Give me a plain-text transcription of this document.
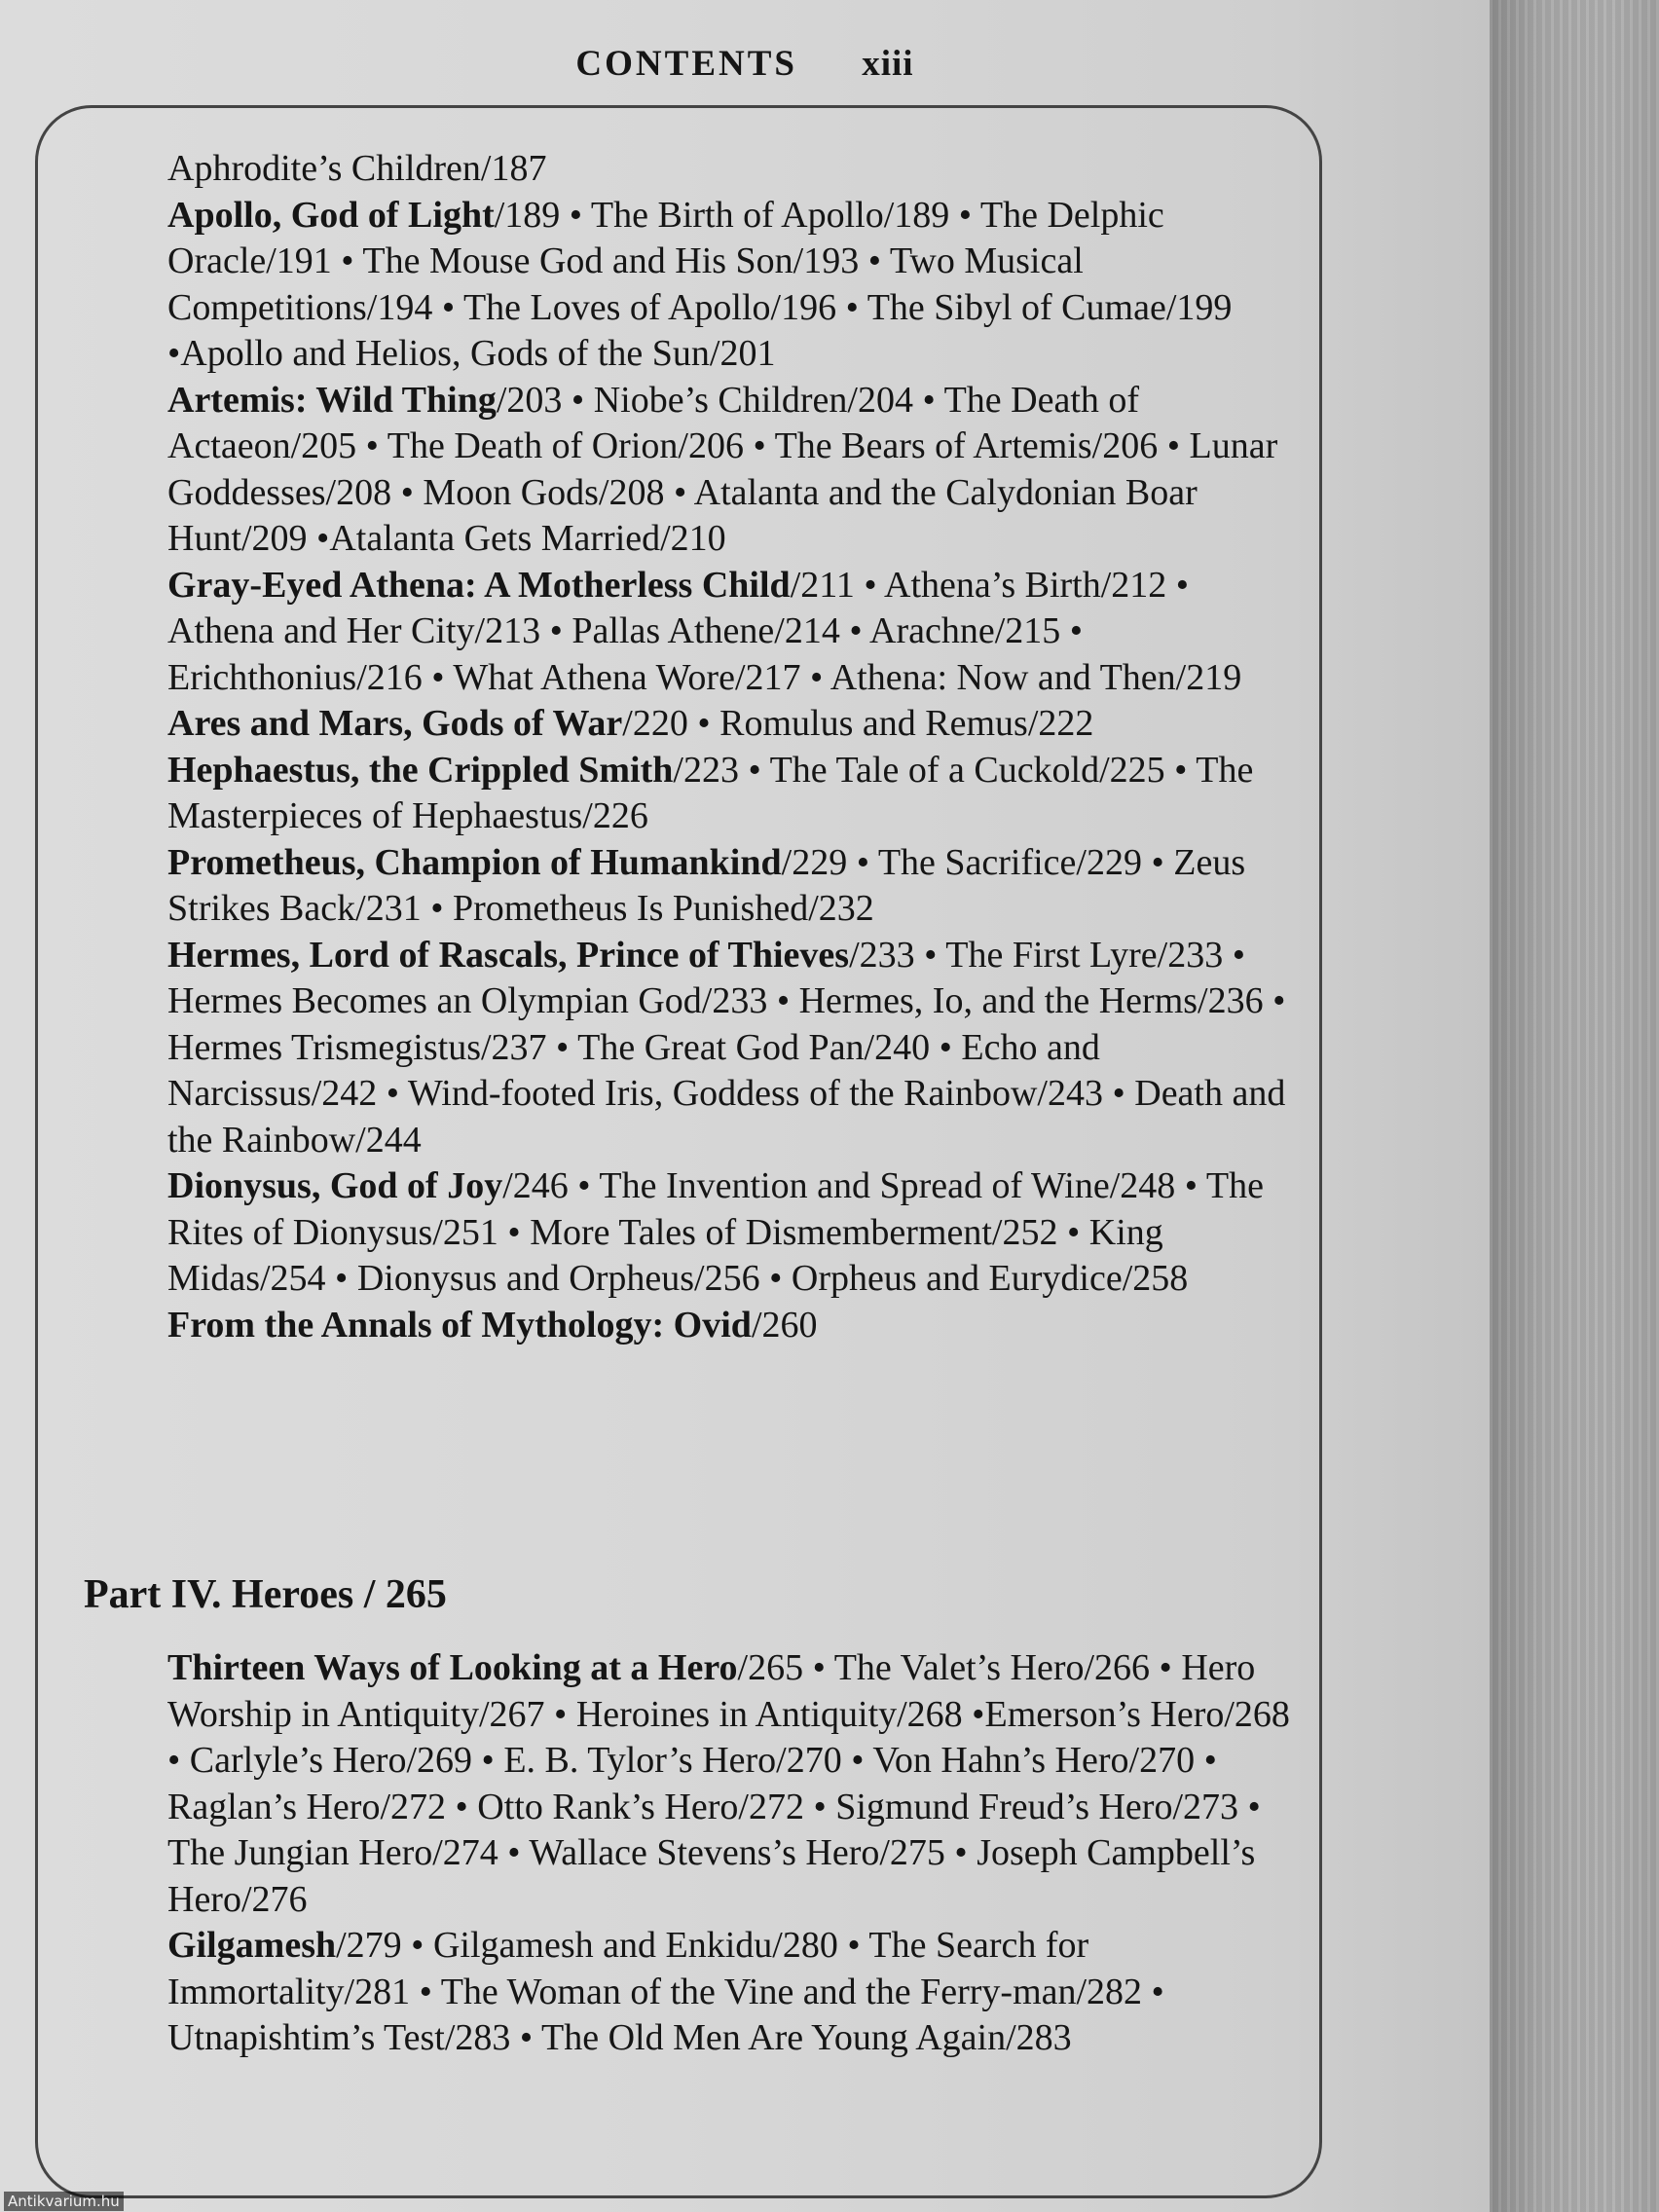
CONTENTS xiii

Aphrodite’s Children/187

Apollo, God of Light/189 • The Birth of Apollo/189 • The Delphic Oracle/191 • The Mouse God and His Son/193 • Two Musical Competitions/194 • The Loves of Apollo/196 • The Sibyl of Cumae/199 •Apollo and Helios, Gods of the Sun/201

Artemis: Wild Thing/203 • Niobe’s Children/204 • The Death of Actaeon/205 • The Death of Orion/206 • The Bears of Artemis/206 • Lunar Goddesses/208 • Moon Gods/208 • Atalanta and the Calydonian Boar Hunt/209 •Atalanta Gets Married/210

Gray-Eyed Athena: A Motherless Child/211 • Athena’s Birth/212 • Athena and Her City/213 • Pallas Athene/214 • Arachne/215 • Erichthonius/216 • What Athena Wore/217 • Athena: Now and Then/219

Ares and Mars, Gods of War/220 • Romulus and Remus/222

Hephaestus, the Crippled Smith/223 • The Tale of a Cuckold/225 • The Masterpieces of Hephaestus/226

Prometheus, Champion of Humankind/229 • The Sacrifice/229 • Zeus Strikes Back/231 • Prometheus Is Punished/232

Hermes, Lord of Rascals, Prince of Thieves/233 • The First Lyre/233 • Hermes Becomes an Olympian God/233 • Hermes, Io, and the Herms/236 • Hermes Trismegistus/237 • The Great God Pan/240 • Echo and Narcissus/242 • Wind-footed Iris, Goddess of the Rainbow/243 • Death and the Rainbow/244

Dionysus, God of Joy/246 • The Invention and Spread of Wine/248 • The Rites of Dionysus/251 • More Tales of Dismemberment/252 • King Midas/254 • Dionysus and Orpheus/256 • Orpheus and Eurydice/258

From the Annals of Mythology: Ovid/260

Part IV. Heroes / 265

Thirteen Ways of Looking at a Hero/265 • The Valet’s Hero/266 • Hero Worship in Antiquity/267 • Heroines in Antiquity/268 •Emerson’s Hero/268 • Carlyle’s Hero/269 • E. B. Tylor’s Hero/270 • Von Hahn’s Hero/270 • Raglan’s Hero/272 • Otto Rank’s Hero/272 • Sigmund Freud’s Hero/273 • The Jungian Hero/274 • Wallace Stevens’s Hero/275 • Joseph Campbell’s Hero/276

Gilgamesh/279 • Gilgamesh and Enkidu/280 • The Search for Immortality/281 • The Woman of the Vine and the Ferry-man/282 • Utnapishtim’s Test/283 • The Old Men Are Young Again/283

Antikvarium.hu
